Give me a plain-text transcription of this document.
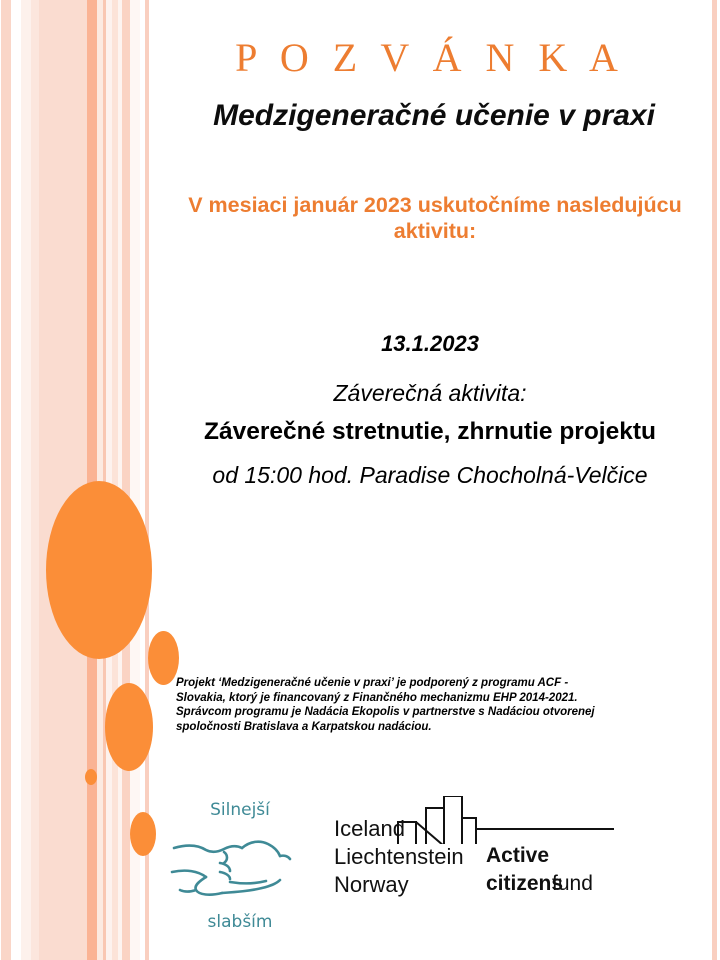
P O Z V Á N K A
Medzigeneračné učenie v praxi
V mesiaci január 2023 uskutočníme nasledujúcu aktivitu:
13.1.2023
Záverečná aktivita:
Záverečné stretnutie, zhrnutie projektu
od 15:00 hod. Paradise Chocholná-Velčice
Projekt ‘Medzigeneračné učenie v praxi’ je podporený z programu ACF - Slovakia, ktorý je financovaný z Finančného mechanizmu EHP 2014-2021. Správcom programu je Nadácia Ekopolis v partnerstve s Nadáciou otvorenej spoločnosti Bratislava a Karpatskou nadáciou.
Silnejší
slabším
Iceland
Liechtenstein
Norway
Active
citizens
fund
